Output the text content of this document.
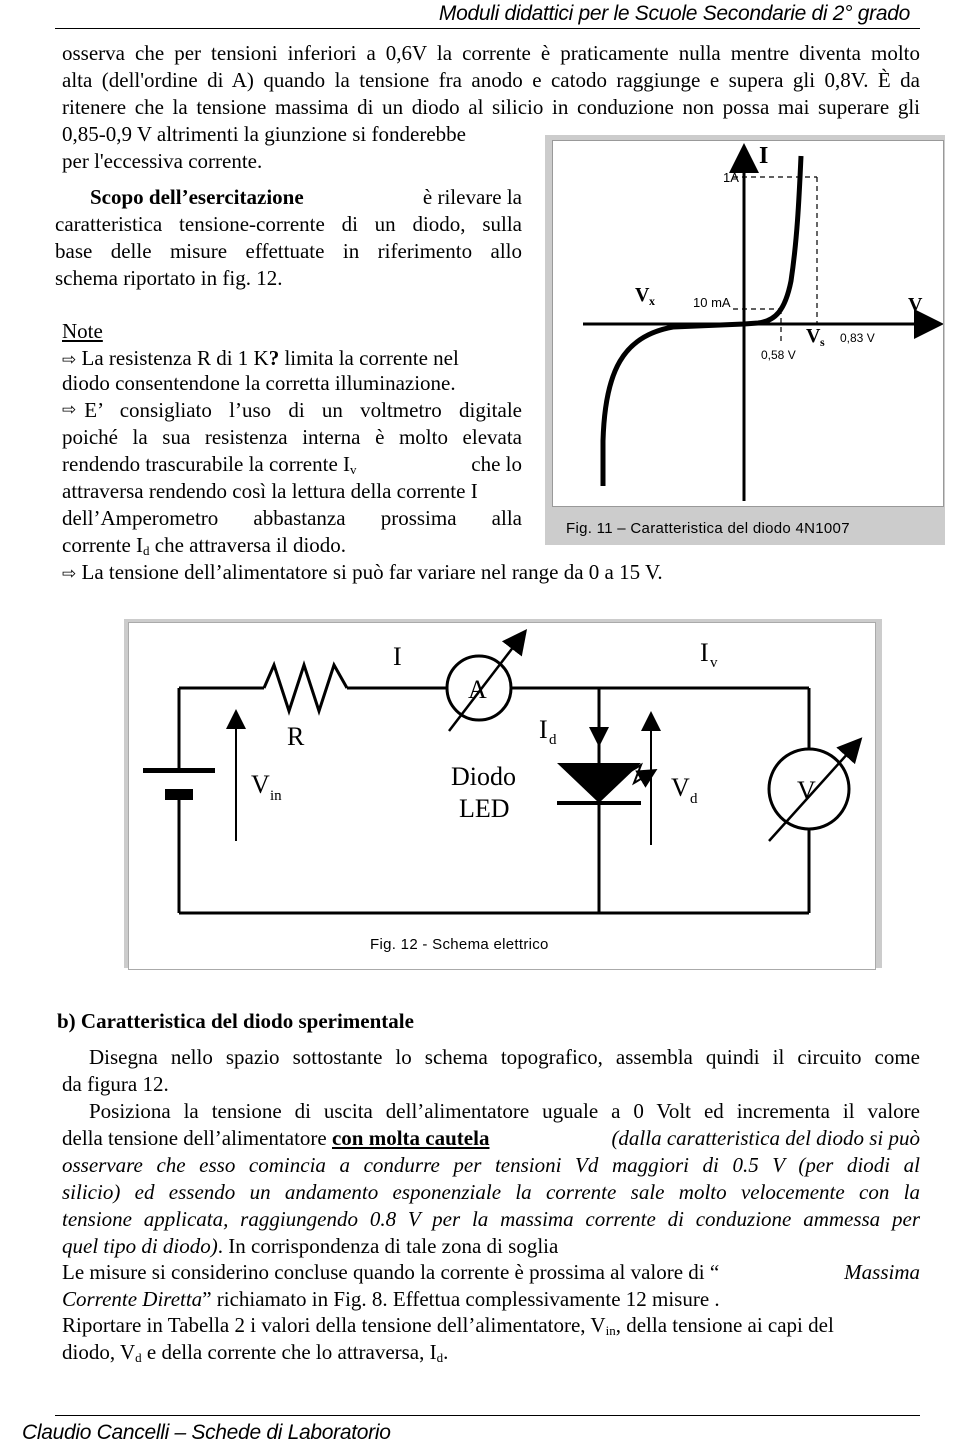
Moduli didattici per le Scuole Secondarie di 2° grado
osserva che per tensioni inferiori a 0,6V la corrente è praticamente nulla mentre diventa molto
alta (dell'ordine di A) quando la tensione fra anodo e catodo raggiunge e supera gli 0,8V. È da
ritenere che la tensione massima di un diodo al silicio in conduzione non possa mai superare gli
0,85-0,9 V altrimenti la giunzione si fonderebbe
per l'eccessiva corrente.
Scopo dell’esercitazione	è rilevare la
caratteristica tensione-corrente di un diodo, sulla
base delle misure effettuate in riferimento allo
schema riportato in fig. 12.
Note
⇨ La resistenza R di 1 K? limita la corrente nel
diodo consentendone la corretta illuminazione.
⇨ E’ consigliato l’uso di un voltmetro digitale
poiché la sua resistenza interna è molto elevata
rendendo trascurabile la corrente $I_v$	che lo
attraversa rendendo così la lettura della corrente I
dell’Amperometro abbastanza prossima alla
corrente $I_d$ che attraversa il diodo.
⇨ La tensione dell’alimentatore si può far variare nel range da 0 a 15 V.
I
1A
10 mA
V x	V
V s
0,58 V
0,83 V
Fig. 11 – Caratteristica del diodo 4N1007
I
A
I v
R	I d
V in
Diodo
LED
V d	V
Fig. 12 - Schema elettrico
b) Caratteristica del diodo sperimentale
Disegna nello spazio sottostante lo schema topografico, assembla quindi il circuito come
da figura 12.
Posiziona la tensione di uscita dell’alimentatore uguale a 0 Volt ed incrementa il valore
della tensione dell’alimentatore con molta cautela	(dalla caratteristica del diodo si può
osservare che esso comincia a condurre per tensioni Vd maggiori di 0.5 V (per diodi al
silicio) ed essendo un andamento esponenziale la corrente sale molto velocemente con la
tensione applicata, raggiungendo 0.8 V per la massima corrente di conduzione ammessa per
quel tipo di diodo). In corrispondenza di tale zona di soglia
Le misure si considerino concluse quando la corrente è prossima al valore di “	Massima
Corrente Diretta” richiamato in Fig. 8. Effettua complessivamente 12 misure .
Riportare in Tabella 2 i valori della tensione dell’alimentatore, $V_{in}$, della tensione ai capi del
diodo, $V_d$ e della corrente che lo attraversa, $I_d$.
Claudio Cancelli – Schede di Laboratorio
